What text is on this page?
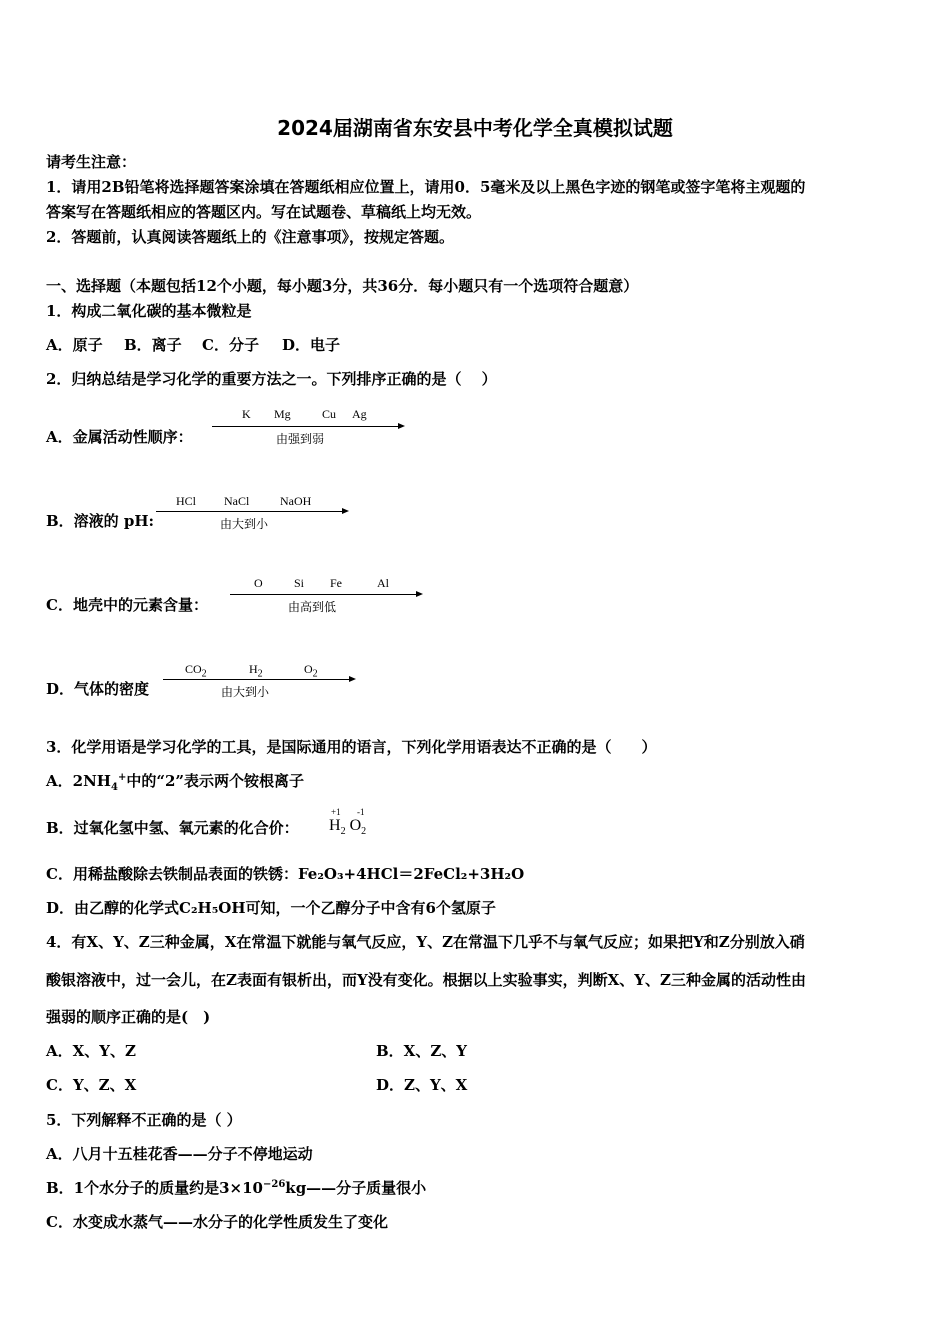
2024届湖南省东安县中考化学全真模拟试题
请考生注意：
1．请用2B铅笔将选择题答案涂填在答题纸相应位置上，请用0．5毫米及以上黑色字迹的钢笔或签字笔将主观题的
答案写在答题纸相应的答题区内。写在试题卷、草稿纸上均无效。
2．答题前，认真阅读答题纸上的《注意事项》，按规定答题。
一、选择题（本题包括12个小题，每小题3分，共36分．每小题只有一个选项符合题意）
1．构成二氧化碳的基本微粒是
A．原子 B．离子 C．分子 D．电子
2．归纳总结是学习化学的重要方法之一。下列排序正确的是（　 ）
A．金属活动性顺序：
K Mg	Cu Ag
由强到弱
B．溶液的 pH:
HCl NaCl	NaOH
由大到小
C．地壳中的元素含量：
O	Si Fe	Al
由高到低
D．气体的密度
$CO_2$	$H_2$	$O_2$
由大到小
3．化学用语是学习化学的工具，是国际通用的语言，下列化学用语表达不正确的是（　　）
A．$2NH_4^+$中的“2”表示两个铵根离子
B．过氧化氢中氢、氧元素的化合价：
+1 -1
$H_2$ $O_2$
C．用稀盐酸除去铁制品表面的铁锈：Fe₂O₃+4HCl＝2FeCl₂+3H₂O
D．由乙醇的化学式C₂H₅OH可知，一个乙醇分子中含有6个氢原子
4．有X、Y、Z三种金属，X在常温下就能与氧气反应，Y、Z在常温下几乎不与氧气反应；如果把Y和Z分别放入硝
酸银溶液中，过一会儿，在Z表面有银析出，而Y没有变化。根据以上实验事实，判断X、Y、Z三种金属的活动性由
强弱的顺序正确的是(　)
A．X、Y、Z	B．X、Z、Y
C．Y、Z、X	D．Z、Y、X
5．下列解释不正确的是（ ）
A．八月十五桂花香——分子不停地运动
B．1个水分子的质量约是$3\times 10^{-26}kg——$分子质量很小
C．水变成水蒸气——水分子的化学性质发生了变化
